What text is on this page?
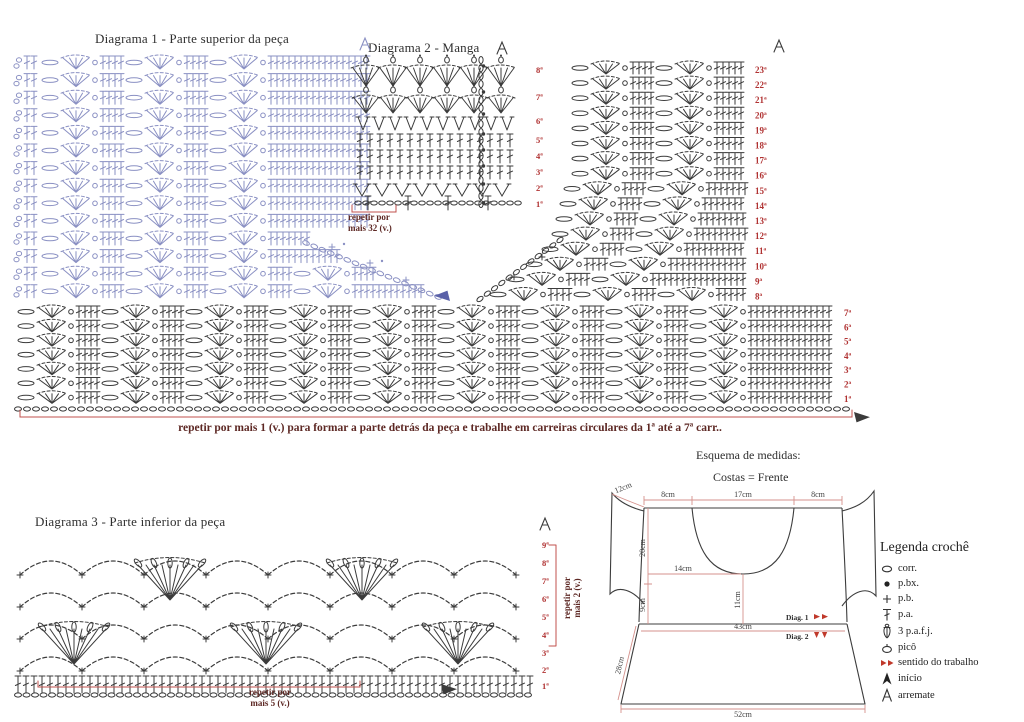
Diagrama 1 - Parte superior da peça
Diagrama 2 - Manga
Diagrama 3 - Parte inferior da peça
23ª
22ª
21ª
20ª
19ª
18ª
17ª
16ª
15ª
14ª
13ª
12ª
11ª
10ª
9ª
8ª
7ª
6ª
5ª
4ª
3ª
2ª
1ª
8ª
7ª
6ª
5ª
4ª
3ª
2ª
1ª
9ª
8ª
7ª
6ª
5ª
4ª
3ª
2ª
1ª
repetir por mais 2 (v.)
repetir por
mais 32 (v.)
repetir por mais 1 (v.) para formar a parte detrás da peça e trabalhe em carreiras circulares da 1ª até a 7ª carr..
repetir por
mais 5 (v.)
Esquema de medidas:
Costas = Frente
8cm	17cm	8cm
12cm
20cm
9cm
14cm
11cm
43cm
28cm
52cm
Diag. 1
Diag. 2
Legenda crochê
corr.
p.bx.
p.b.
p.a.
3 p.a.f.j.
picô
sentido do trabalho
início
arremate
